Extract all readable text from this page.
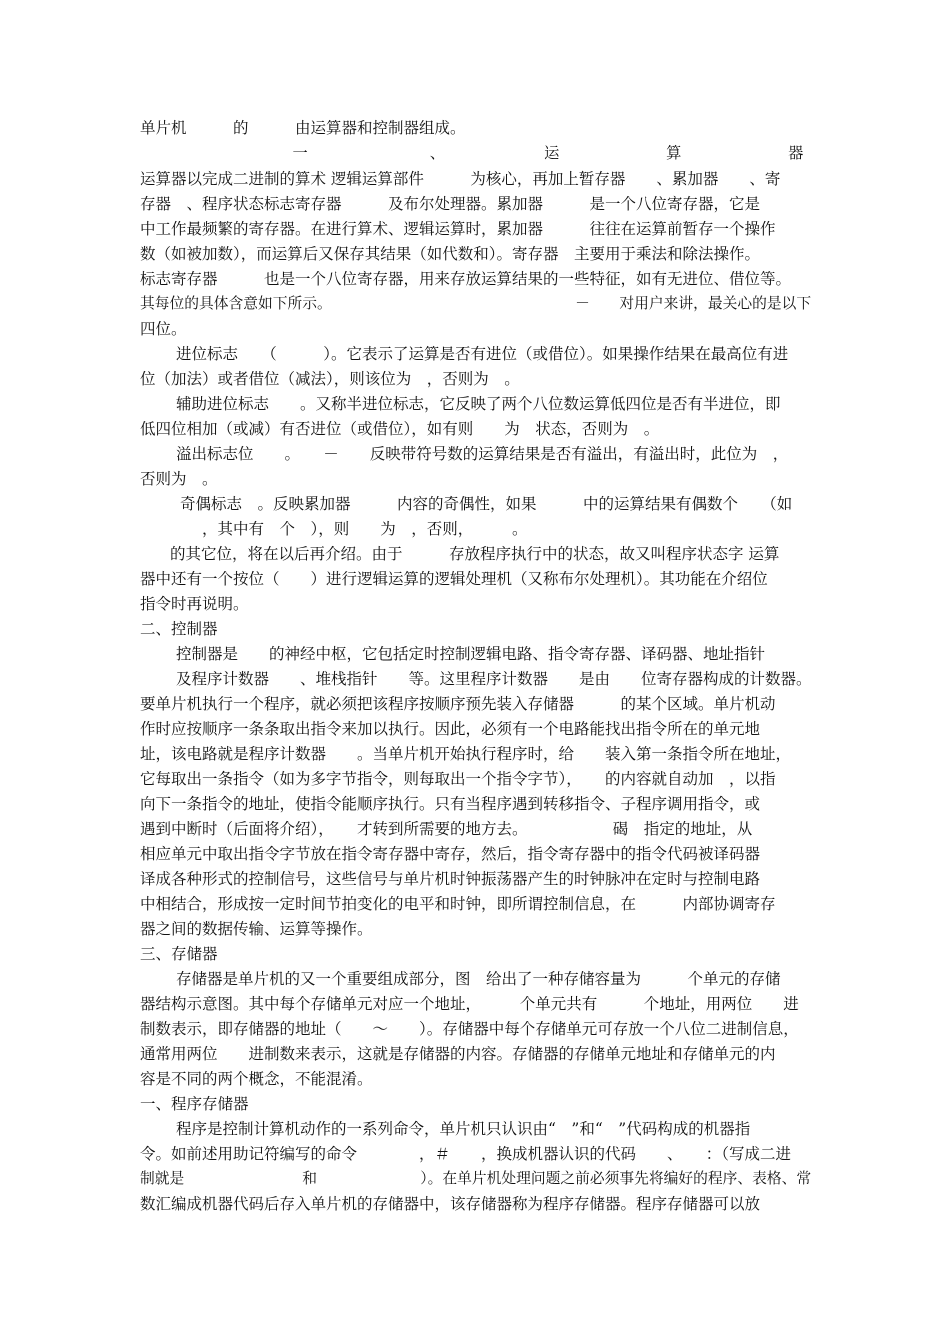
单片机　　　的　　　由运算器和控制器组成。
　　　　　　　　　　一　　　　　　　　、　　　　　　　运　　　　　　　算　　　　　　　器
运算器以完成二进制的算术 逻辑运算部件　　　为核心，再加上暂存器　　、累加器　　、寄
存器　、程序状态标志寄存器　　　及布尔处理器。累加器　　　是一个八位寄存器，它是
中工作最频繁的寄存器。在进行算术、逻辑运算时，累加器　　　往往在运算前暂存一个操作
数（如被加数），而运算后又保存其结果（如代数和）。寄存器　主要用于乘法和除法操作。
标志寄存器　　　也是一个八位寄存器，用来存放运算结果的一些特征，如有无进位、借位等。
其每位的具体含意如下所示。　　　　　　　　　　　　　　　　　－　　对用户来讲，最关心的是以下
四位。
进位标志　　（　　　）。它表示了运算是否有进位（或借位）。如果操作结果在最高位有进
位（加法）或者借位（减法），则该位为　，否则为　。
辅助进位标志　　。又称半进位标志，它反映了两个八位数运算低四位是否有半进位，即
低四位相加（或减）有否进位（或借位），如有则　　为　状态，否则为　。
溢出标志位　　。　　－　　反映带符号数的运算结果是否有溢出，有溢出时，此位为　，
否则为　。
奇偶标志　。反映累加器　　　内容的奇偶性，如果　　　中的运算结果有偶数个　　（如
　　　　，其中有　个　），则　　为　，否则，　　　。
的其它位，将在以后再介绍。由于　　　存放程序执行中的状态，故又叫程序状态字 运算
器中还有一个按位（　　）进行逻辑运算的逻辑处理机（又称布尔处理机）。其功能在介绍位
指令时再说明。
二、控制器
控制器是　　的神经中枢，它包括定时控制逻辑电路、指令寄存器、译码器、地址指针
及程序计数器　　、堆栈指针　　等。这里程序计数器　　是由　　位寄存器构成的计数器。
要单片机执行一个程序，就必须把该程序按顺序预先装入存储器　　　的某个区域。单片机动
作时应按顺序一条条取出指令来加以执行。因此，必须有一个电路能找出指令所在的单元地
址，该电路就是程序计数器　　。当单片机开始执行程序时，给　　装入第一条指令所在地址，
它每取出一条指令（如为多字节指令，则每取出一个指令字节），　　的内容就自动加　，以指
向下一条指令的地址，使指令能顺序执行。只有当程序遇到转移指令、子程序调用指令，或
遇到中断时（后面将介绍），　　才转到所需要的地方去。　　　　　　碣　指定的地址，从
相应单元中取出指令字节放在指令寄存器中寄存，然后，指令寄存器中的指令代码被译码器
译成各种形式的控制信号，这些信号与单片机时钟振荡器产生的时钟脉冲在定时与控制电路
中相结合，形成按一定时间节拍变化的电平和时钟，即所谓控制信息，在　　　内部协调寄存
器之间的数据传输、运算等操作。
三、存储器
存储器是单片机的又一个重要组成部分，图　给出了一种存储容量为　　　个单元的存储
器结构示意图。其中每个存储单元对应一个地址，　　　个单元共有　　　个地址，用两位　　进
制数表示，即存储器的地址（　　～　　）。存储器中每个存储单元可存放一个八位二进制信息，
通常用两位　　进制数来表示，这就是存储器的内容。存储器的存储单元地址和存储单元的内
容是不同的两个概念，不能混淆。
一、程序存储器
程序是控制计算机动作的一系列命令，单片机只认识由“　”和“　”代码构成的机器指
令。如前述用助记符编写的命令　　　　，＃　　，换成机器认识的代码　　、　　：（写成二进
制就是　　　　　　　　和　　　　　　　）。在单片机处理问题之前必须事先将编好的程序、表格、常
数汇编成机器代码后存入单片机的存储器中，该存储器称为程序存储器。程序存储器可以放
